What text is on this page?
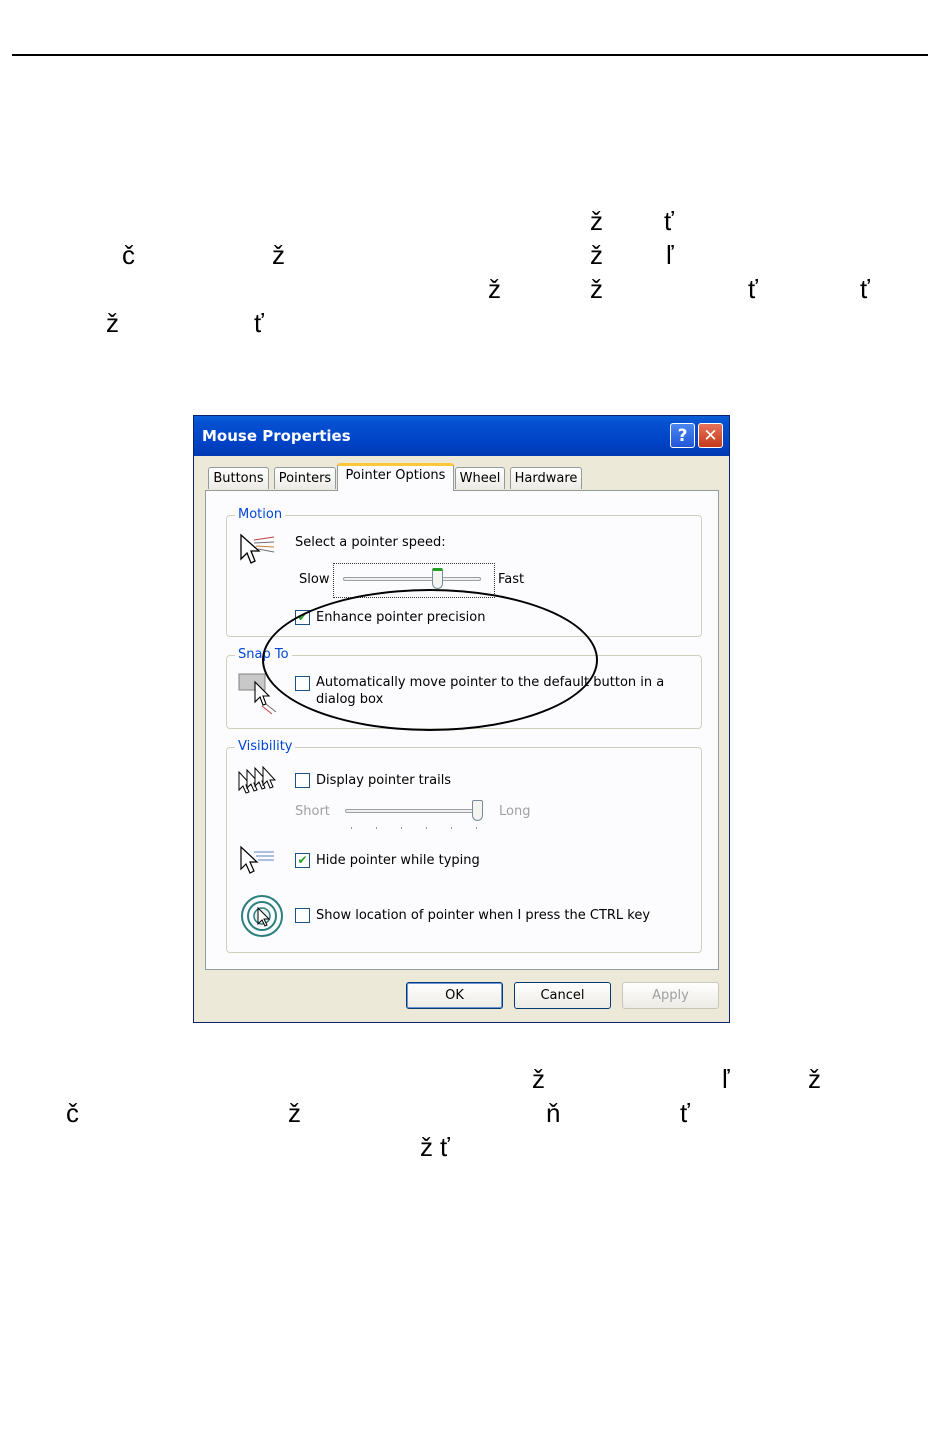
ž ť
č	ž	ž ľ
ž	ž	ť	ť
ž	ť
ž	ľ	ž
č	ž	ň	ť
ž ť
Mouse Properties	? ✕
Buttons	Pointers	Pointer Options	Wheel	Hardware
Motion
Select a pointer speed:
Slow	Fast
✔ Enhance pointer precision
Snap To
Automatically move pointer to the default button in a
dialog box
Visibility
Display pointer trails
Short	Long
✔ Hide pointer while typing
Show location of pointer when I press the CTRL key
OK	Cancel	Apply
